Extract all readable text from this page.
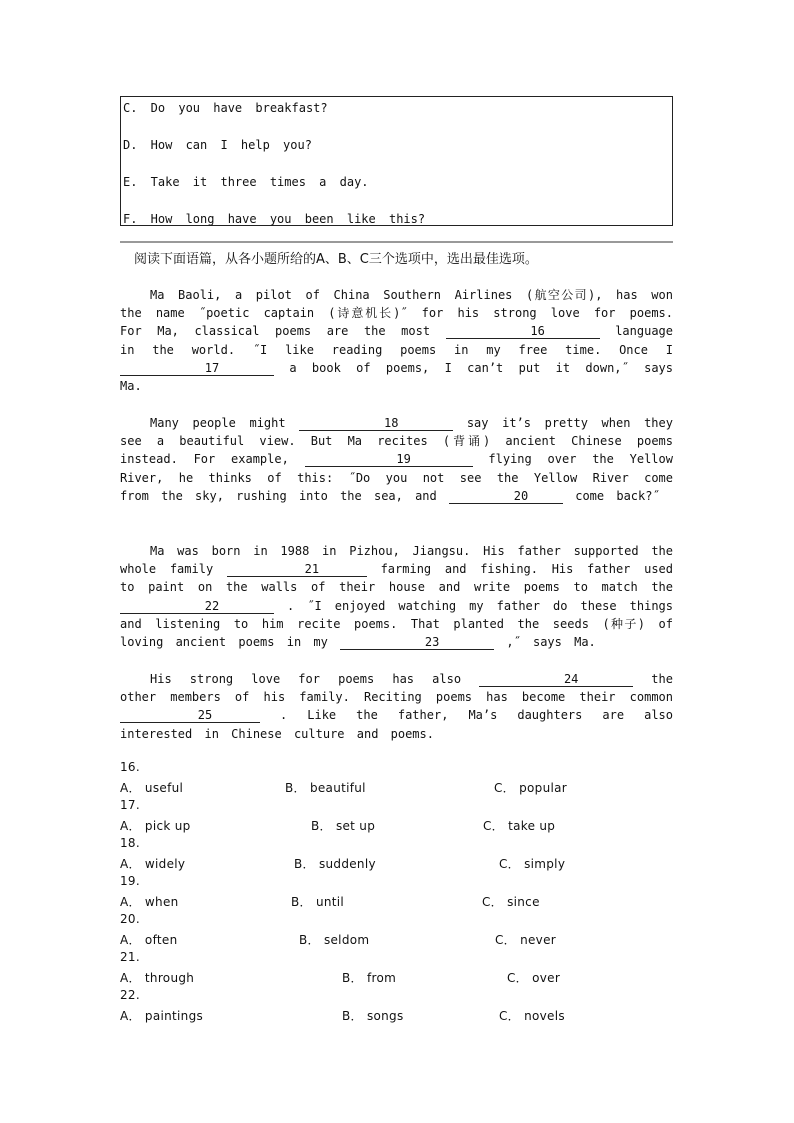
C. Do you have breakfast?
D. How can I help you?
E. Take it three times a day.
F. How long have you been like this?
阅读下面语篇，从各小题所给的A、B、C三个选项中，选出最佳选项。
Ma Baoli, a pilot of China Southern Airlines (航空公司), has won the name ˝poetic captain (诗意机长)˝ for his strong love for poems. For Ma, classical poems are the most	16	language in the world. ˝I like reading poems in my free time. Once I 17	a book of poems, I can’t put it down,˝ says Ma.
Many people might	18	say it’s pretty when they see a beautiful view. But Ma recites (背诵) ancient Chinese poems instead. For example,	19	flying over the Yellow River, he thinks of this: ˝Do you not see the Yellow River come from the sky, rushing into the sea, and	20	come back?˝
Ma was born in 1988 in Pizhou, Jiangsu. His father supported the whole family	21	farming and fishing. His father used to paint on the walls of their house and write poems to match the 22	. ˝I enjoyed watching my father do these things and listening to him recite poems. That planted the seeds (种子) of loving ancient poems in my	23	,˝ says Ma.
His strong love for poems has also	24	the other members of his family. Reciting poems has become their common 25	. Like the father, Ma’s daughters are also interested in Chinese culture and poems.
16.
A． useful	B． beautiful	C． popular
17.
A． pick up	B． set up	C． take up
18.
A． widely	B． suddenly	C． simply
19.
A． when	B． until	C． since
20.
A． often	B． seldom	C． never
21.
A． through	B． from	C． over
22.
A． paintings	B． songs	C． novels
